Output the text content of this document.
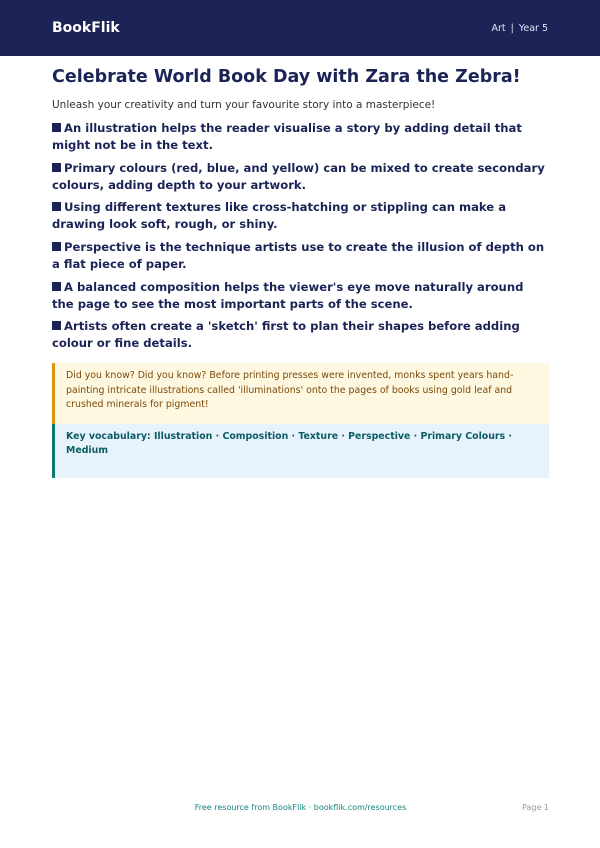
BookFlik	Art | Year 5
Celebrate World Book Day with Zara the Zebra!

Unleash your creativity and turn your favourite story into a masterpiece!

An illustration helps the reader visualise a story by adding detail that might not be in the text.
Primary colours (red, blue, and yellow) can be mixed to create secondary colours, adding depth to your artwork.
Using different textures like cross-hatching or stippling can make a drawing look soft, rough, or shiny.
Perspective is the technique artists use to create the illusion of depth on a flat piece of paper.
A balanced composition helps the viewer's eye move naturally around the page to see the most important parts of the scene.
Artists often create a 'sketch' first to plan their shapes before adding colour or fine details.
Did you know? Did you know? Before printing presses were invented, monks spent years hand-painting intricate illustrations called 'illuminations' onto the pages of books using gold leaf and crushed minerals for pigment!
Key vocabulary: Illustration · Composition · Texture · Perspective · Primary Colours · Medium
Free resource from BookFlik · bookflik.com/resources	Page 1
